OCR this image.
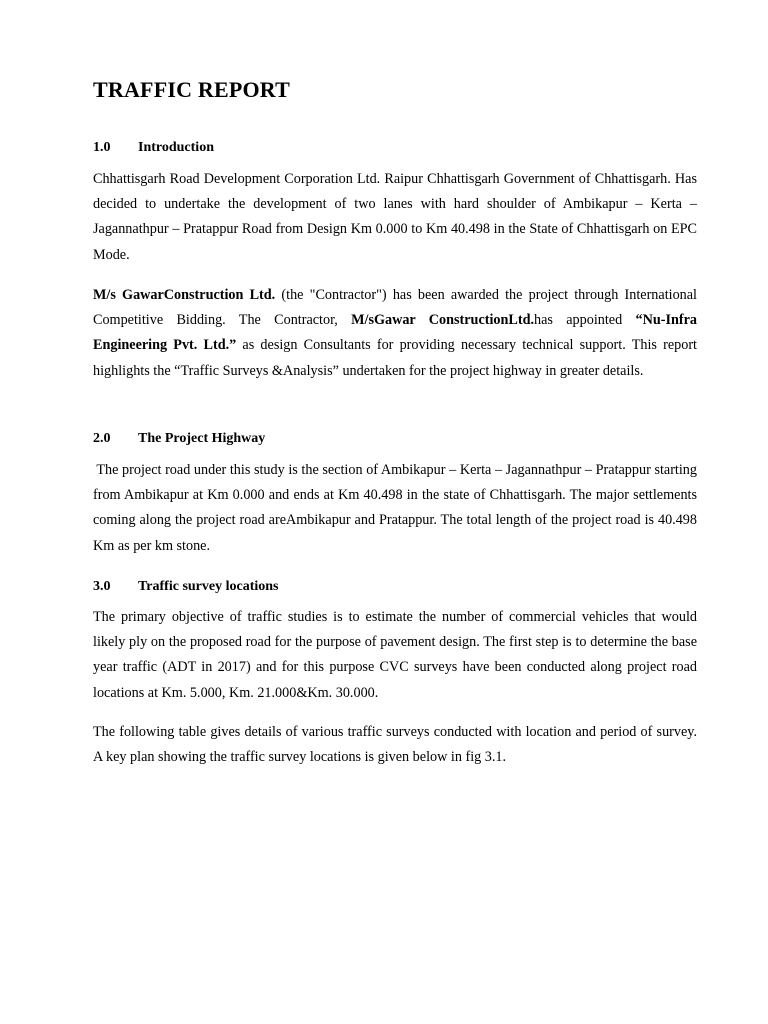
TRAFFIC REPORT
1.0 Introduction

Chhattisgarh Road Development Corporation Ltd. Raipur Chhattisgarh Government of Chhattisgarh. Has decided to undertake the development of two lanes with hard shoulder of Ambikapur – Kerta – Jagannathpur – Pratappur Road from Design Km 0.000 to Km 40.498 in the State of Chhattisgarh on EPC Mode.

M/s GawarConstruction Ltd. (the "Contractor") has been awarded the project through International Competitive Bidding. The Contractor, M/sGawar ConstructionLtd.has appointed “Nu-Infra Engineering Pvt. Ltd.” as design Consultants for providing necessary technical support. This report highlights the “Traffic Surveys &Analysis” undertaken for the project highway in greater details.

2.0 The Project Highway

The project road under this study is the section of Ambikapur – Kerta – Jagannathpur – Pratappur starting from Ambikapur at Km 0.000 and ends at Km 40.498 in the state of Chhattisgarh. The major settlements coming along the project road areAmbikapur and Pratappur. The total length of the project road is 40.498 Km as per km stone.

3.0 Traffic survey locations

The primary objective of traffic studies is to estimate the number of commercial vehicles that would likely ply on the proposed road for the purpose of pavement design. The first step is to determine the base year traffic (ADT in 2017) and for this purpose CVC surveys have been conducted along project road locations at Km. 5.000, Km. 21.000&Km. 30.000.

The following table gives details of various traffic surveys conducted with location and period of survey. A key plan showing the traffic survey locations is given below in fig 3.1.
